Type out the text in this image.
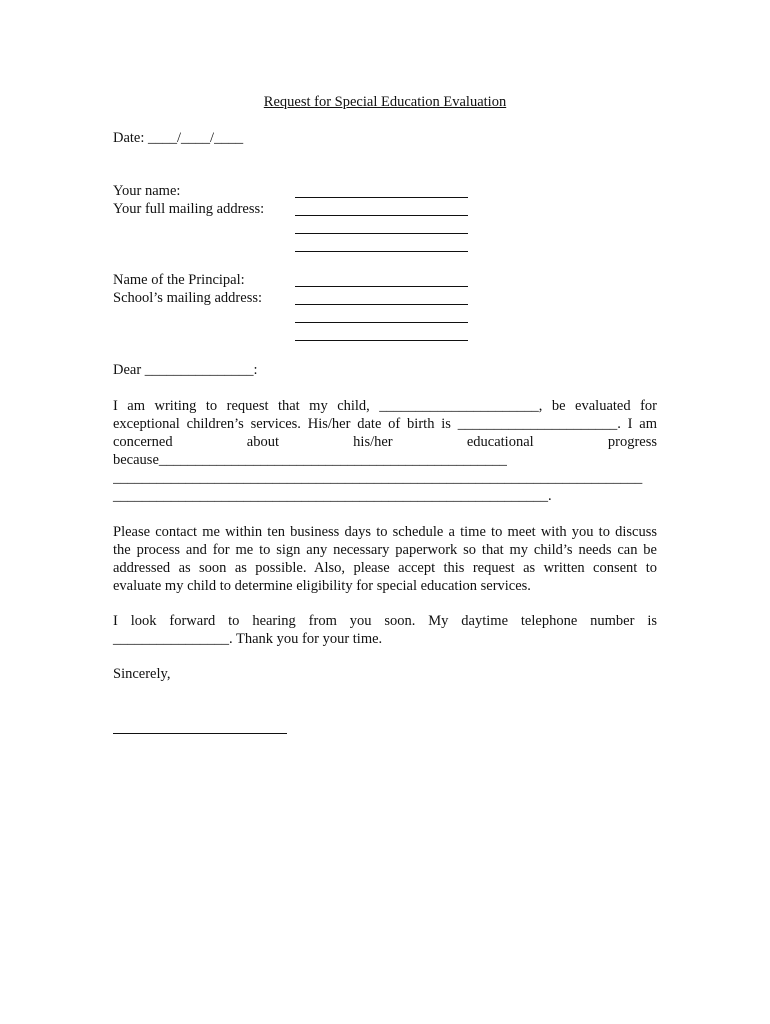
Request for Special Education Evaluation
Date: ____/____/____
Your name:
Your full mailing address:
Name of the Principal:
School’s mailing address:
Dear _______________:
I am writing to request that my child, ______________________, be evaluated for
exceptional children’s services. His/her date of birth is ______________________. I am
concerned	about	his/her	educational	progress
because________________________________________________
_________________________________________________________________________
____________________________________________________________.
Please contact me within ten business days to schedule a time to meet with you to discuss
the process and for me to sign any necessary paperwork so that my child’s needs can be
addressed as soon as possible. Also, please accept this request as written consent to
evaluate my child to determine eligibility for special education services.
I look forward to hearing from you soon. My daytime telephone number is
________________. Thank you for your time.
Sincerely,
